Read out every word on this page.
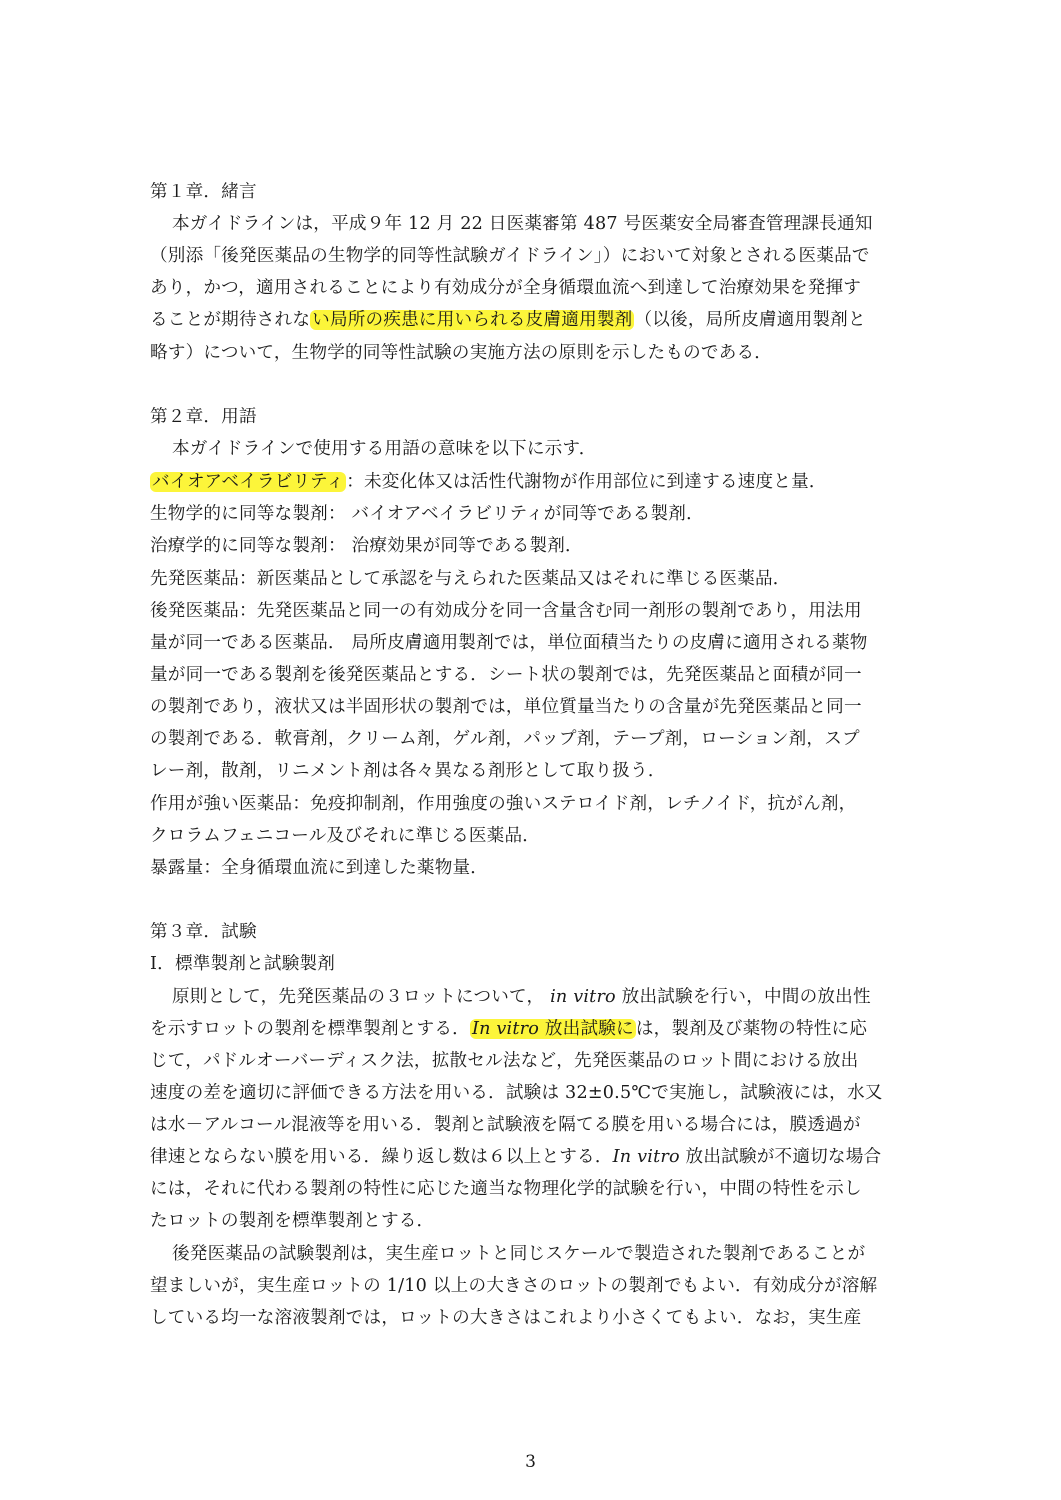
第１章．緒言
本ガイドラインは，平成９年 12 月 22 日医薬審第 487 号医薬安全局審査管理課長通知
（別添「後発医薬品の生物学的同等性試験ガイドライン」）において対象とされる医薬品で
あり，かつ，適用されることにより有効成分が全身循環血流へ到達して治療効果を発揮す
ることが期待されな い局所の疾患に用いられる皮膚適用製剤 （以後，局所皮膚適用製剤と
略す）について，生物学的同等性試験の実施方法の原則を示したものである．
第２章．用語
本ガイドラインで使用する用語の意味を以下に示す．
バイオアベイラビリティ ：未変化体又は活性代謝物が作用部位に到達する速度と量．
生物学的に同等な製剤： バイオアベイラビリティが同等である製剤．
治療学的に同等な製剤： 治療効果が同等である製剤．
先発医薬品：新医薬品として承認を与えられた医薬品又はそれに準じる医薬品．
後発医薬品：先発医薬品と同一の有効成分を同一含量含む同一剤形の製剤であり，用法用
量が同一である医薬品． 局所皮膚適用製剤では，単位面積当たりの皮膚に適用される薬物
量が同一である製剤を後発医薬品とする．シート状の製剤では，先発医薬品と面積が同一
の製剤であり，液状又は半固形状の製剤では，単位質量当たりの含量が先発医薬品と同一
の製剤である．軟膏剤，クリーム剤，ゲル剤，パップ剤，テープ剤，ローション剤，スプ
レー剤，散剤，リニメント剤は各々異なる剤形として取り扱う．
作用が強い医薬品：免疫抑制剤，作用強度の強いステロイド剤，レチノイド，抗がん剤，
クロラムフェニコール及びそれに準じる医薬品．
暴露量：全身循環血流に到達した薬物量．
第３章．試験
I．標準製剤と試験製剤
原則として，先発医薬品の３ロットについて， in vitro 放出試験を行い，中間の放出性
を示すロットの製剤を標準製剤とする． In vitro 放出試験に は，製剤及び薬物の特性に応
じて，パドルオーバーディスク法，拡散セル法など，先発医薬品のロット間における放出
速度の差を適切に評価できる方法を用いる．試験は 32±0.5℃で実施し，試験液には，水又
は水－アルコール混液等を用いる．製剤と試験液を隔てる膜を用いる場合には，膜透過が
律速とならない膜を用いる．繰り返し数は６以上とする．In vitro 放出試験が不適切な場合
には，それに代わる製剤の特性に応じた適当な物理化学的試験を行い，中間の特性を示し
たロットの製剤を標準製剤とする．
後発医薬品の試験製剤は，実生産ロットと同じスケールで製造された製剤であることが
望ましいが，実生産ロットの 1/10 以上の大きさのロットの製剤でもよい．有効成分が溶解
している均一な溶液製剤では，ロットの大きさはこれより小さくてもよい．なお，実生産
3
